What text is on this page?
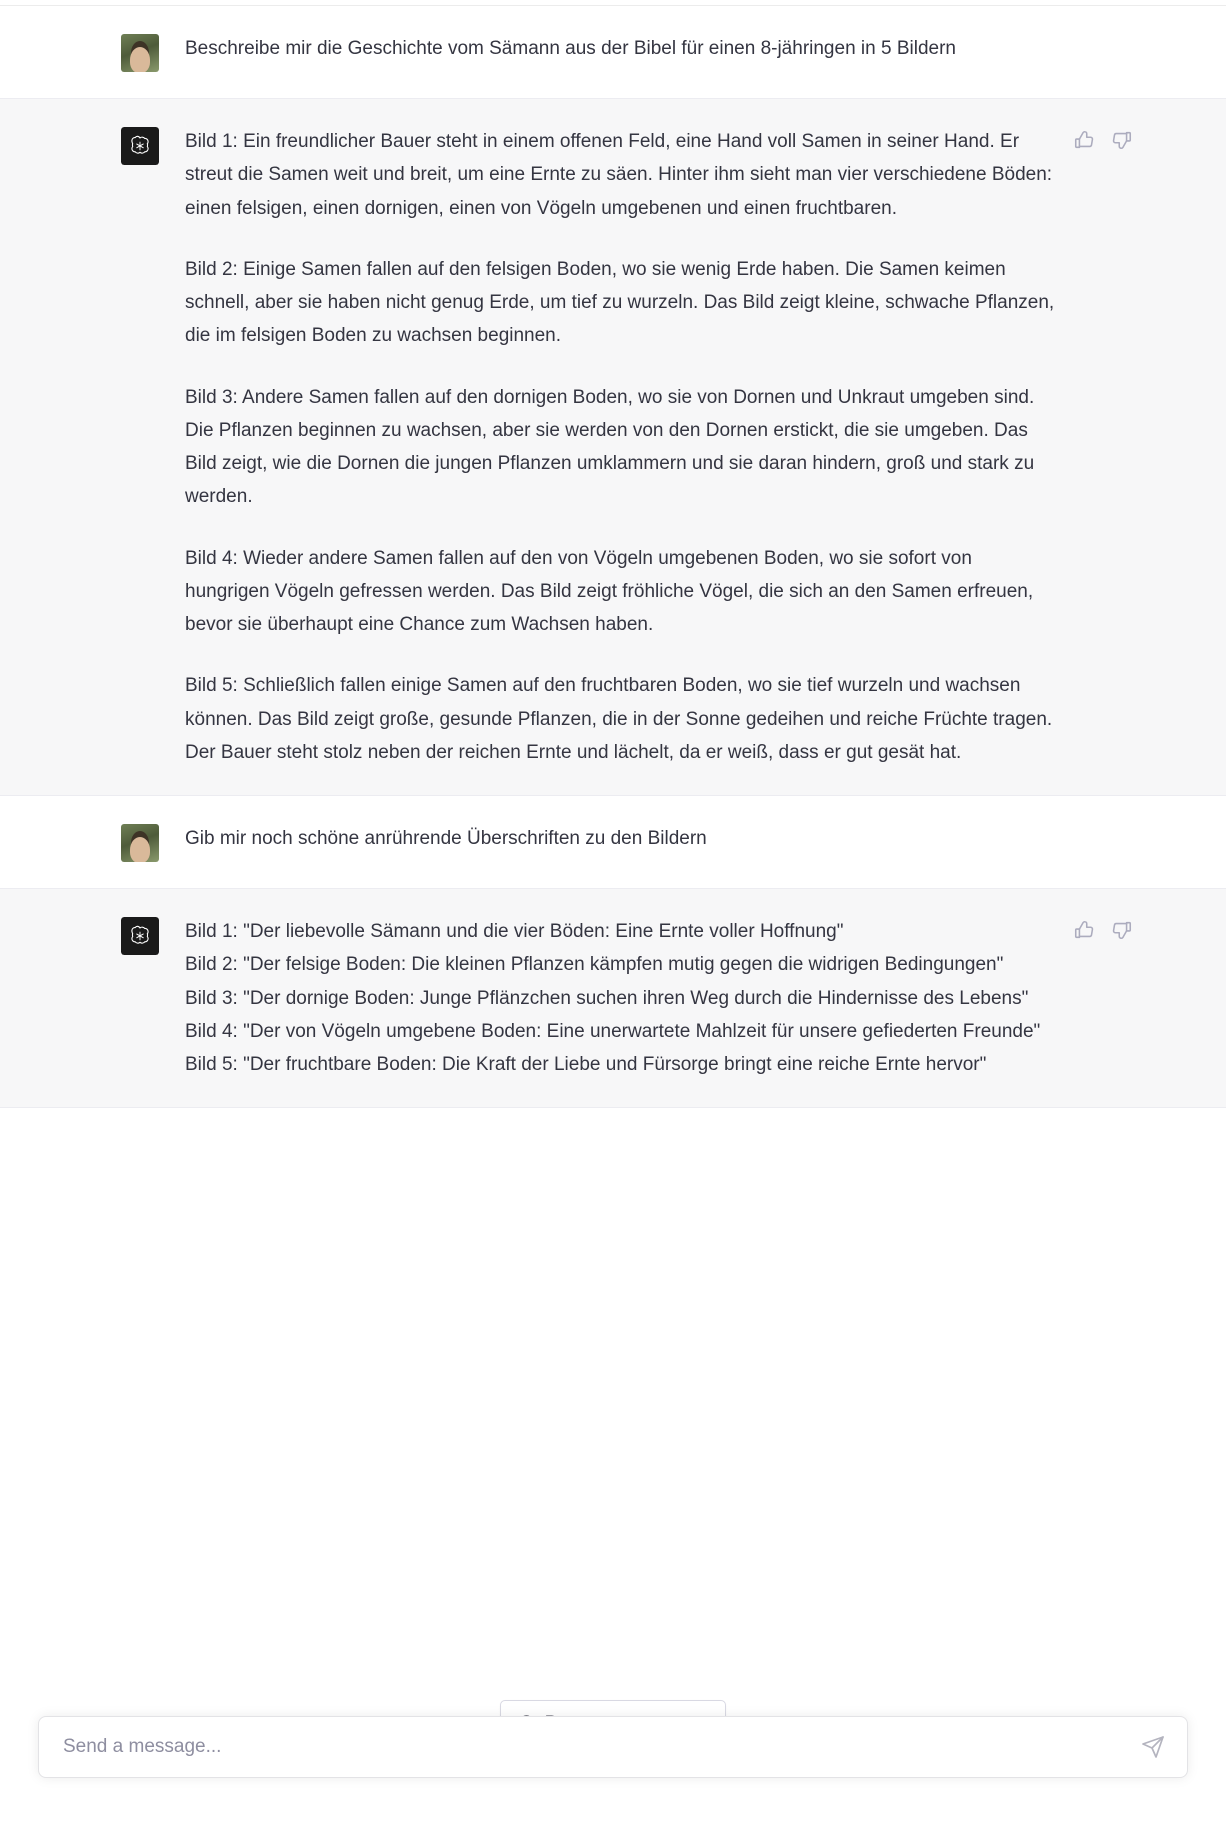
Beschreibe mir die Geschichte vom Sämann aus der Bibel für einen 8-jähringen in 5 Bildern

Bild 1: Ein freundlicher Bauer steht in einem offenen Feld, eine Hand voll Samen in seiner Hand. Er streut die Samen weit und breit, um eine Ernte zu säen. Hinter ihm sieht man vier verschiedene Böden: einen felsigen, einen dornigen, einen von Vögeln umgebenen und einen fruchtbaren.

Bild 2: Einige Samen fallen auf den felsigen Boden, wo sie wenig Erde haben. Die Samen keimen schnell, aber sie haben nicht genug Erde, um tief zu wurzeln. Das Bild zeigt kleine, schwache Pflanzen, die im felsigen Boden zu wachsen beginnen.

Bild 3: Andere Samen fallen auf den dornigen Boden, wo sie von Dornen und Unkraut umgeben sind. Die Pflanzen beginnen zu wachsen, aber sie werden von den Dornen erstickt, die sie umgeben. Das Bild zeigt, wie die Dornen die jungen Pflanzen umklammern und sie daran hindern, groß und stark zu werden.

Bild 4: Wieder andere Samen fallen auf den von Vögeln umgebenen Boden, wo sie sofort von hungrigen Vögeln gefressen werden. Das Bild zeigt fröhliche Vögel, die sich an den Samen erfreuen, bevor sie überhaupt eine Chance zum Wachsen haben.

Bild 5: Schließlich fallen einige Samen auf den fruchtbaren Boden, wo sie tief wurzeln und wachsen können. Das Bild zeigt große, gesunde Pflanzen, die in der Sonne gedeihen und reiche Früchte tragen. Der Bauer steht stolz neben der reichen Ernte und lächelt, da er weiß, dass er gut gesät hat.

Gib mir noch schöne anrührende Überschriften zu den Bildern

Bild 1: "Der liebevolle Sämann und die vier Böden: Eine Ernte voller Hoffnung"

Bild 2: "Der felsige Boden: Die kleinen Pflanzen kämpfen mutig gegen die widrigen Bedingungen"

Bild 3: "Der dornige Boden: Junge Pflänzchen suchen ihren Weg durch die Hindernisse des Lebens"

Bild 4: "Der von Vögeln umgebene Boden: Eine unerwartete Mahlzeit für unsere gefiederten Freunde"

Bild 5: "Der fruchtbare Boden: Die Kraft der Liebe und Fürsorge bringt eine reiche Ernte hervor"

Send a message...
